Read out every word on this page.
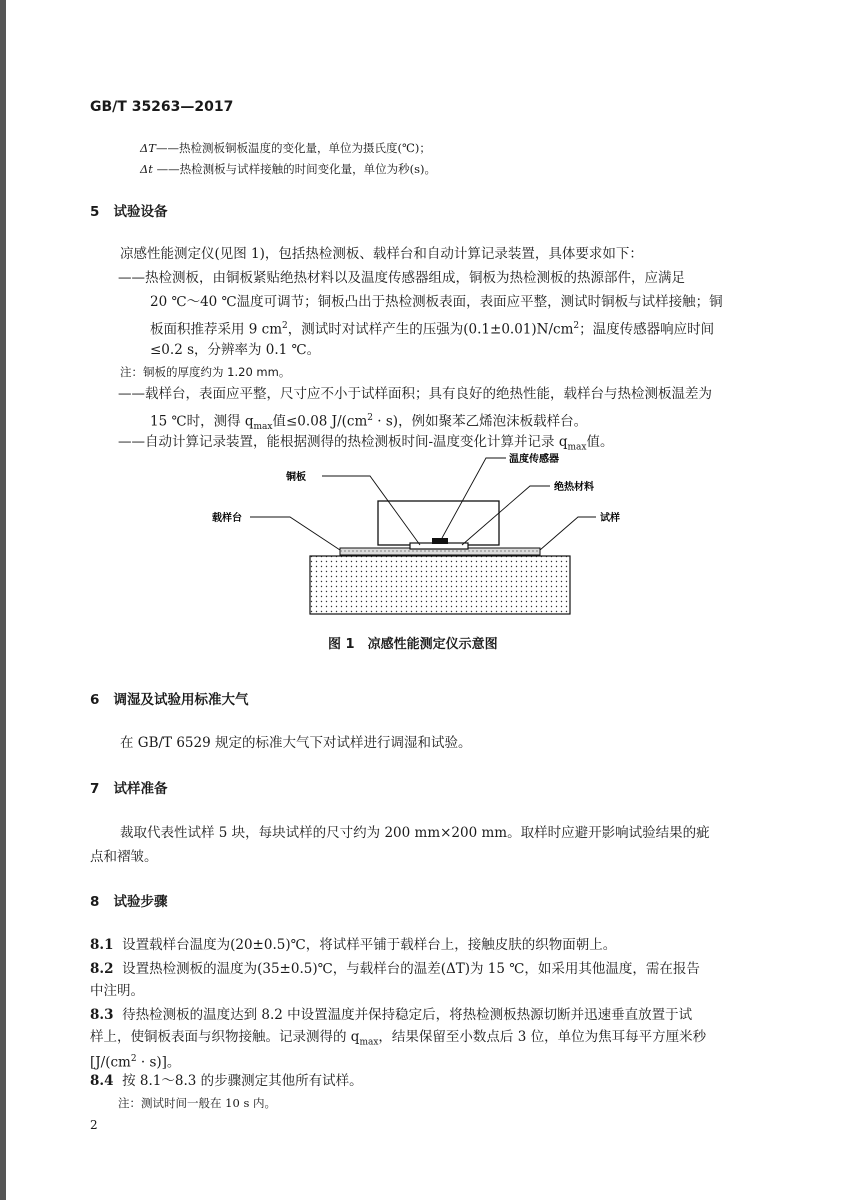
GB/T 35263—2017
ΔT——热检测板铜板温度的变化量，单位为摄氏度(℃)；
Δt ——热检测板与试样接触的时间变化量，单位为秒(s)。
5 试验设备
凉感性能测定仪(见图 1)，包括热检测板、载样台和自动计算记录装置，具体要求如下：
——热检测板，由铜板紧贴绝热材料以及温度传感器组成，铜板为热检测板的热源部件，应满足
20 ℃～40 ℃温度可调节；铜板凸出于热检测板表面，表面应平整，测试时铜板与试样接触；铜
板面积推荐采用 9 $cm^2$，测试时对试样产生的压强为$(0.1\pm 0.01)N/cm^2$；温度传感器响应时间
≤0.2 s，分辨率为 0.1 ℃。
注：铜板的厚度约为 1.20 mm。
——载样台，表面应平整，尺寸应不小于试样面积；具有良好的绝热性能，载样台与热检测板温差为
15 ℃时，测得 $q_{max}$值≤0.08 $J/(cm^2 \cdot s)$，例如聚苯乙烯泡沫板载样台。
——自动计算记录装置，能根据测得的热检测板时间-温度变化计算并记录 $q_{max}$值。
铜板
温度传感器
绝热材料
载样台	试样
图 1　凉感性能测定仪示意图
6 调湿及试验用标准大气
在 GB/T 6529 规定的标准大气下对试样进行调湿和试验。
7 试样准备
裁取代表性试样 5 块，每块试样的尺寸约为 200 mm×200 mm。取样时应避开影响试验结果的疵
点和褶皱。
8 试验步骤
8.1 设置载样台温度为(20±0.5)℃，将试样平铺于载样台上，接触皮肤的织物面朝上。
8.2 设置热检测板的温度为(35±0.5)℃，与载样台的温差(ΔT)为 15 ℃，如采用其他温度，需在报告
中注明。
8.3 待热检测板的温度达到 8.2 中设置温度并保持稳定后，将热检测板热源切断并迅速垂直放置于试
样上，使铜板表面与织物接触。记录测得的 $q_{max}$，结果保留至小数点后 3 位，单位为焦耳每平方厘米秒
$[J/(cm^2 \cdot s)]$。
8.4 按 8.1～8.3 的步骤测定其他所有试样。
注：测试时间一般在 10 s 内。
2
